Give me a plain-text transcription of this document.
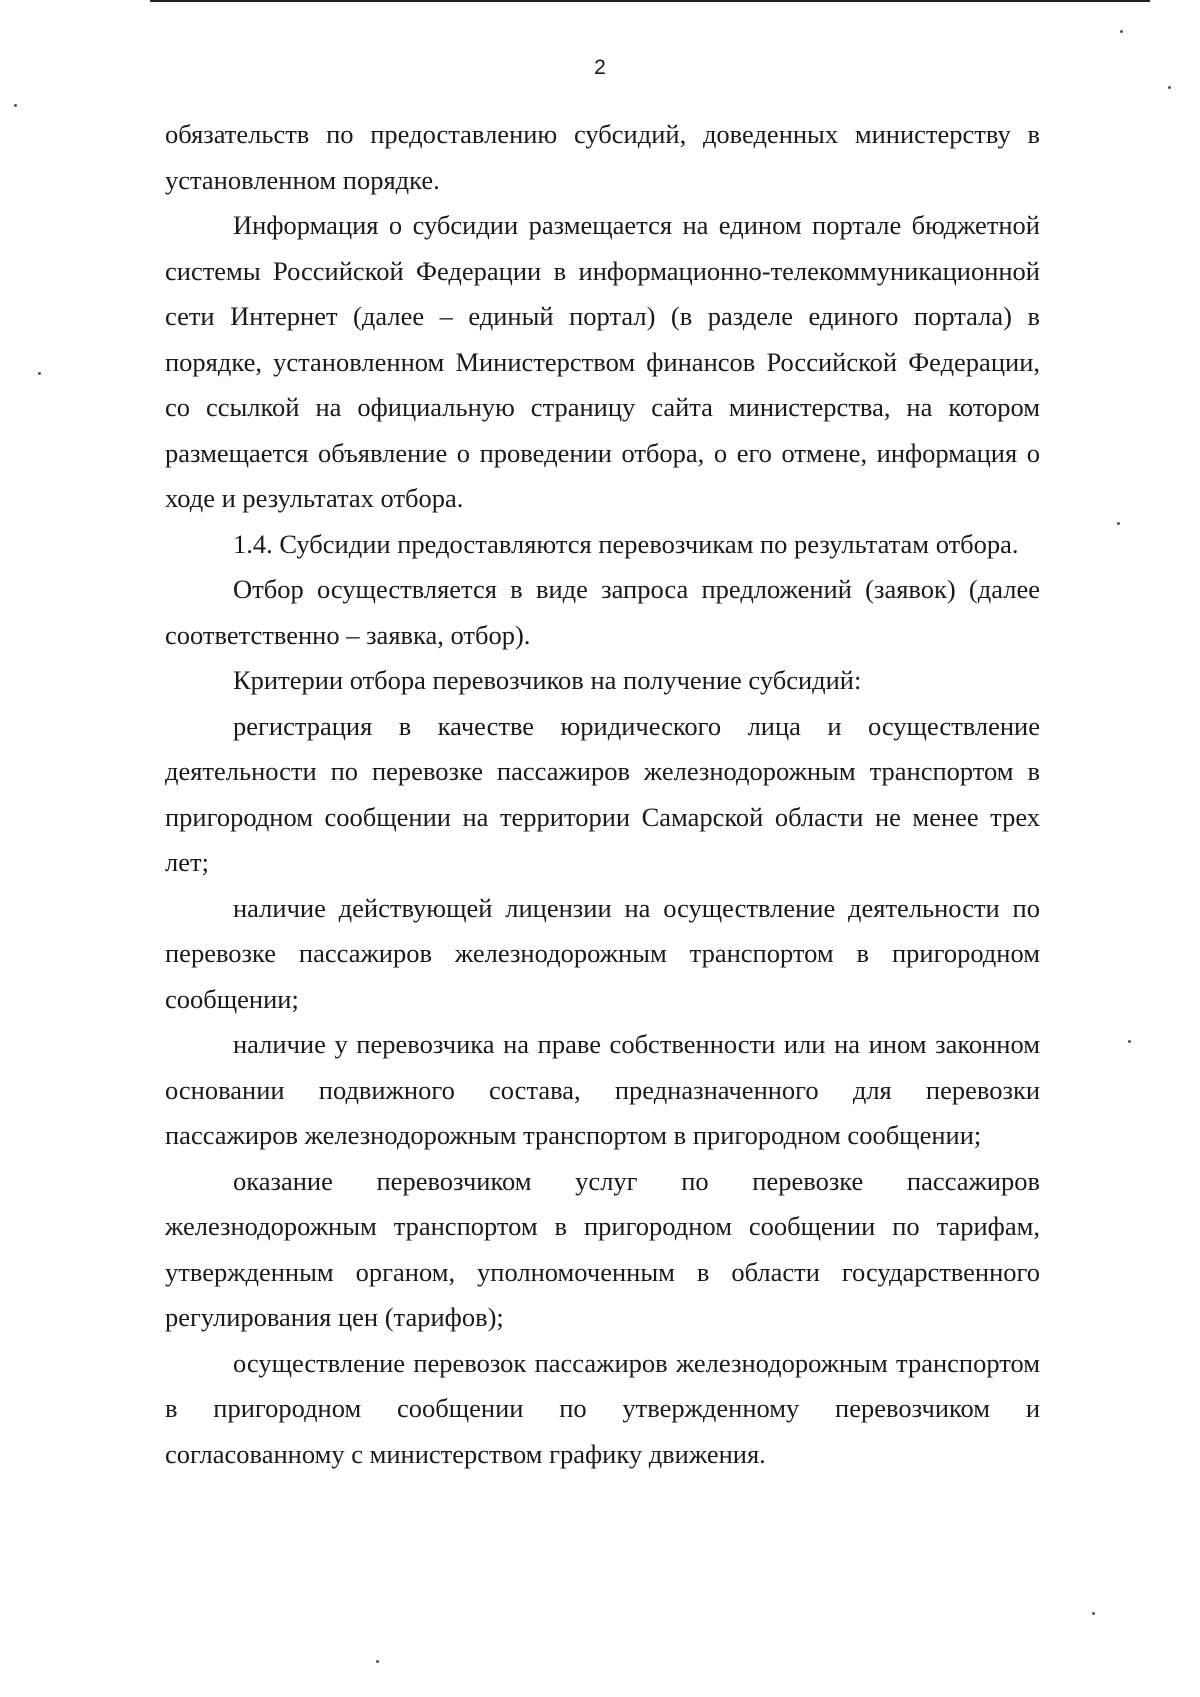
2

обязательств по предоставлению субсидий, доведенных министерству в установленном порядке.

Информация о субсидии размещается на едином портале бюджетной системы Российской Федерации в информационно-телекоммуникационной сети Интернет (далее – единый портал) (в разделе единого портала) в порядке, установленном Министерством финансов Российской Федерации, со ссылкой на официальную страницу сайта министерства, на котором размещается объявление о проведении отбора, о его отмене, информация о ходе и результатах отбора.

1.4. Субсидии предоставляются перевозчикам по результатам отбора.

Отбор осуществляется в виде запроса предложений (заявок) (далее соответственно – заявка, отбор).

Критерии отбора перевозчиков на получение субсидий:

регистрация в качестве юридического лица и осуществление деятельности по перевозке пассажиров железнодорожным транспортом в пригородном сообщении на территории Самарской области не менее трех лет;

наличие действующей лицензии на осуществление деятельности по перевозке пассажиров железнодорожным транспортом в пригородном сообщении;

наличие у перевозчика на праве собственности или на ином законном основании подвижного состава, предназначенного для перевозки пассажиров железнодорожным транспортом в пригородном сообщении;

оказание перевозчиком услуг по перевозке пассажиров железнодорожным транспортом в пригородном сообщении по тарифам, утвержденным органом, уполномоченным в области государственного регулирования цен (тарифов);

осуществление перевозок пассажиров железнодорожным транспортом в пригородном сообщении по утвержденному перевозчиком и согласованному с министерством графику движения.
